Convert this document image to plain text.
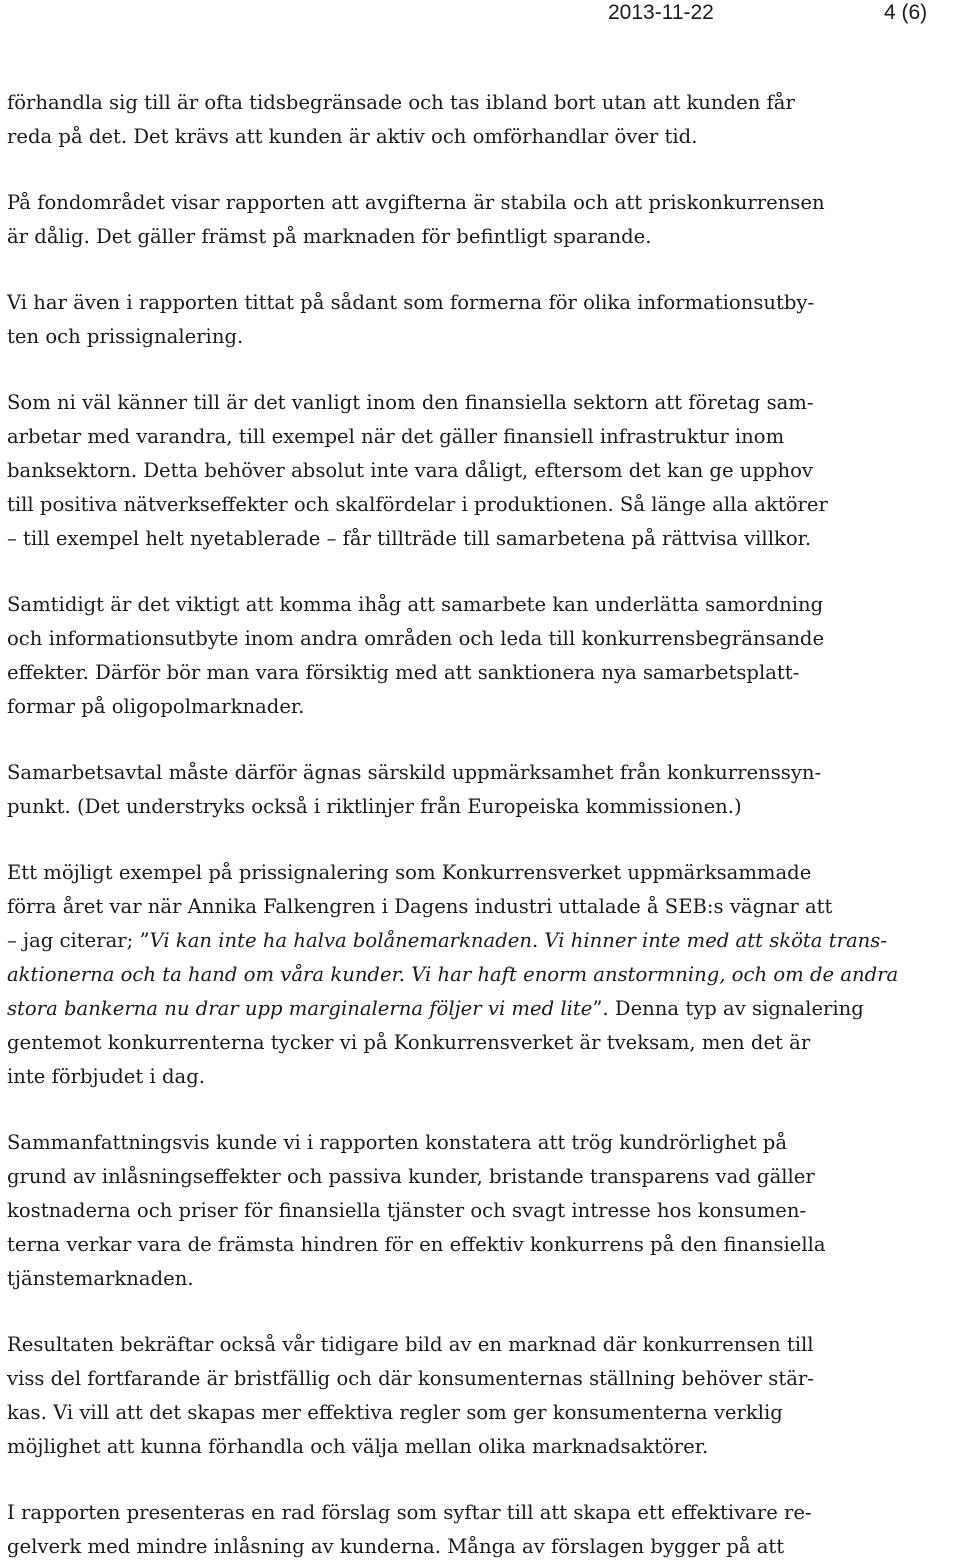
2013-11-22	4 (6)

förhandla sig till är ofta tidsbegränsade och tas ibland bort utan att kunden får
reda på det. Det krävs att kunden är aktiv och omförhandlar över tid.

På fondområdet visar rapporten att avgifterna är stabila och att priskonkurrensen
är dålig. Det gäller främst på marknaden för befintligt sparande.

Vi har även i rapporten tittat på sådant som formerna för olika informationsutby-
ten och prissignalering.

Som ni väl känner till är det vanligt inom den finansiella sektorn att företag sam-
arbetar med varandra, till exempel när det gäller finansiell infrastruktur inom
banksektorn. Detta behöver absolut inte vara dåligt, eftersom det kan ge upphov
till positiva nätverkseffekter och skalfördelar i produktionen. Så länge alla aktörer
– till exempel helt nyetablerade – får tillträde till samarbetena på rättvisa villkor.

Samtidigt är det viktigt att komma ihåg att samarbete kan underlätta samordning
och informationsutbyte inom andra områden och leda till konkurrensbegränsande
effekter. Därför bör man vara försiktig med att sanktionera nya samarbetsplatt-
formar på oligopolmarknader.

Samarbetsavtal måste därför ägnas särskild uppmärksamhet från konkurrenssyn-
punkt. (Det understryks också i riktlinjer från Europeiska kommissionen.)

Ett möjligt exempel på prissignalering som Konkurrensverket uppmärksammade
förra året var när Annika Falkengren i Dagens industri uttalade å SEB:s vägnar att
– jag citerar; ”Vi kan inte ha halva bolånemarknaden. Vi hinner inte med att sköta trans-
aktionerna och ta hand om våra kunder. Vi har haft enorm anstormning, och om de andra
stora bankerna nu drar upp marginalerna följer vi med lite”. Denna typ av signalering
gentemot konkurrenterna tycker vi på Konkurrensverket är tveksam, men det är
inte förbjudet i dag.

Sammanfattningsvis kunde vi i rapporten konstatera att trög kundrörlighet på
grund av inlåsningseffekter och passiva kunder, bristande transparens vad gäller
kostnaderna och priser för finansiella tjänster och svagt intresse hos konsumen-
terna verkar vara de främsta hindren för en effektiv konkurrens på den finansiella
tjänstemarknaden.

Resultaten bekräftar också vår tidigare bild av en marknad där konkurrensen till
viss del fortfarande är bristfällig och där konsumenternas ställning behöver stär-
kas. Vi vill att det skapas mer effektiva regler som ger konsumenterna verklig
möjlighet att kunna förhandla och välja mellan olika marknadsaktörer.

I rapporten presenteras en rad förslag som syftar till att skapa ett effektivare re-
gelverk med mindre inlåsning av kunderna. Många av förslagen bygger på att
